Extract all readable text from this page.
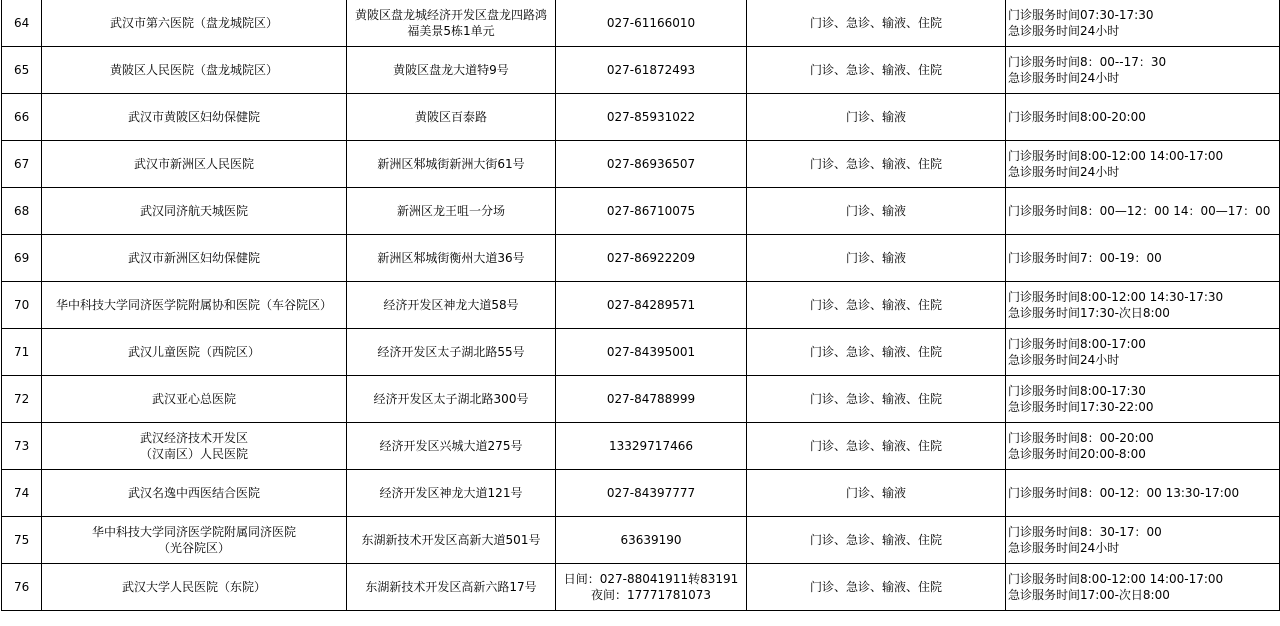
64	武汉市第六医院（盘龙城院区）	黄陂区盘龙城经济开发区盘龙四路鸿
福美景5栋1单元	027-61166010	门诊、急诊、输液、住院	门诊服务时间07:30-17:30
急诊服务时间24小时

65	黄陂区人民医院（盘龙城院区）	黄陂区盘龙大道特9号	027-61872493	门诊、急诊、输液、住院	门诊服务时间8：00--17：30
急诊服务时间24小时

66	武汉市黄陂区妇幼保健院	黄陂区百泰路	027-85931022	门诊、输液	门诊服务时间8:00-20:00

67	武汉市新洲区人民医院	新洲区邾城街新洲大街61号	027-86936507	门诊、急诊、输液、住院	门诊服务时间8:00-12:00 14:00-17:00
急诊服务时间24小时

68	武汉同济航天城医院	新洲区龙王咀一分场	027-86710075	门诊、输液	门诊服务时间8：00—12：00 14：00—17：00

69	武汉市新洲区妇幼保健院	新洲区邾城街衡州大道36号	027-86922209	门诊、输液	门诊服务时间7：00-19：00

70	华中科技大学同济医学院附属协和医院（车谷院区）	经济开发区神龙大道58号	027-84289571	门诊、急诊、输液、住院	门诊服务时间8:00-12:00 14:30-17:30
急诊服务时间17:30-次日8:00

71	武汉儿童医院（西院区）	经济开发区太子湖北路55号	027-84395001	门诊、急诊、输液、住院	门诊服务时间8:00-17:00
急诊服务时间24小时

72	武汉亚心总医院	经济开发区太子湖北路300号	027-84788999	门诊、急诊、输液、住院	门诊服务时间8:00-17:30
急诊服务时间17:30-22:00

73	武汉经济技术开发区
（汉南区）人民医院	经济开发区兴城大道275号	13329717466	门诊、急诊、输液、住院	门诊服务时间8：00-20:00
急诊服务时间20:00-8:00

74	武汉名逸中西医结合医院	经济开发区神龙大道121号	027-84397777	门诊、输液	门诊服务时间8：00-12：00 13:30-17:00

75	华中科技大学同济医学院附属同济医院
（光谷院区）	东湖新技术开发区高新大道501号	63639190	门诊、急诊、输液、住院	门诊服务时间8：30-17：00
急诊服务时间24小时

76	武汉大学人民医院（东院）	东湖新技术开发区高新六路17号	日间：027-88041911转83191
夜间：17771781073	门诊、急诊、输液、住院	门诊服务时间8:00-12:00 14:00-17:00
急诊服务时间17:00-次日8:00
